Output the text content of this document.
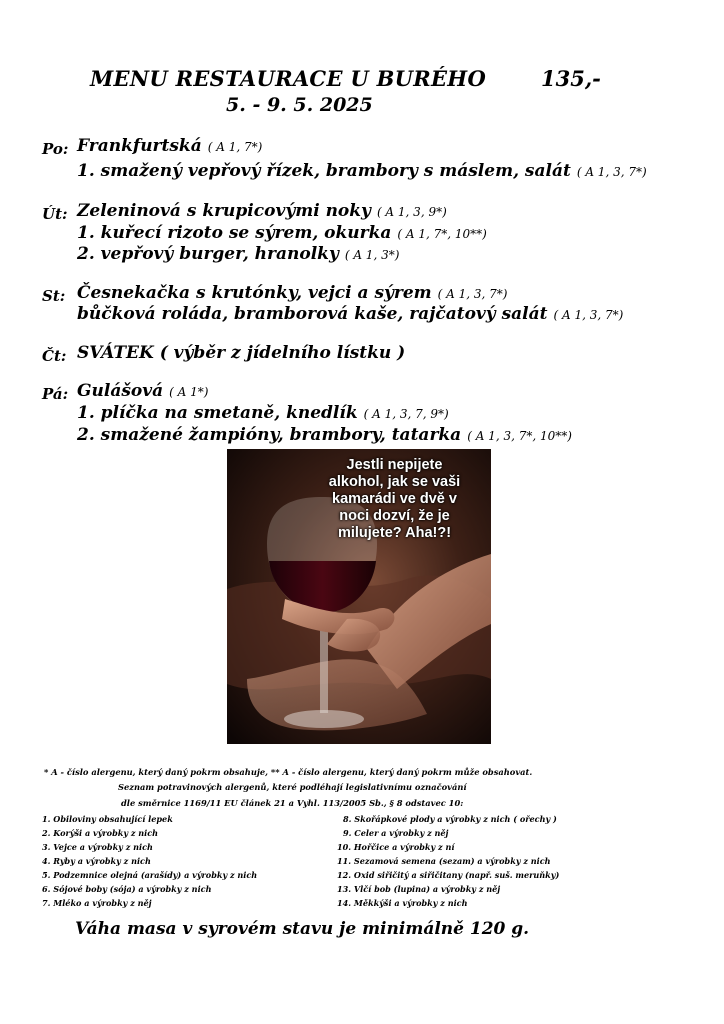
MENU RESTAURACE U BURÉHO	135,-
5. - 9. 5. 2025
Po: Frankfurtská ( A 1, 7*)
1. smažený vepřový řízek, brambory s máslem, salát ( A 1, 3, 7*)
Út: Zeleninová s krupicovými noky ( A 1, 3, 9*)
1. kuřecí rizoto se sýrem, okurka ( A 1, 7*, 10**)
2. vepřový burger, hranolky ( A 1, 3*)
St: Česnekačka s krutónky, vejci a sýrem ( A 1, 3, 7*)
bůčková roláda, bramborová kaše, rajčatový salát ( A 1, 3, 7*)
Čt: SVÁTEK ( výběr z jídelního lístku )
Pá: Gulášová ( A 1*)
1. plíčka na smetaně, knedlík ( A 1, 3, 7, 9*)
2. smažené žampióny, brambory, tatarka ( A 1, 3, 7*, 10**)
Jestli nepijete alkohol, jak se vaši kamarádi ve dvě v noci dozví, že je milujete? Aha!?!
* A - číslo alergenu, který daný pokrm obsahuje, ** A - číslo alergenu, který daný pokrm může obsahovat.
Seznam potravinových alergenů, které podléhají legislativnímu označování
dle směrnice 1169/11 EU článek 21 a Vyhl. 113/2005 Sb., § 8 odstavec 10:
1. Obiloviny obsahující lepek
2. Korýši a výrobky z nich
3. Vejce a výrobky z nich
4. Ryby a výrobky z nich
5. Podzemnice olejná (arašídy) a výrobky z nich
6. Sójové boby (sója) a výrobky z nich
7. Mléko a výrobky z něj
8. Skořápkové plody a výrobky z nich ( ořechy )
9. Celer a výrobky z něj
10. Hořčice a výrobky z ní
11. Sezamová semena (sezam) a výrobky z nich
12. Oxid siřičitý a siřičitany (např. suš. meruňky)
13. Vlčí bob (lupina) a výrobky z něj
14. Měkkýši a výrobky z nich
Váha masa v syrovém stavu je minimálně 120 g.
